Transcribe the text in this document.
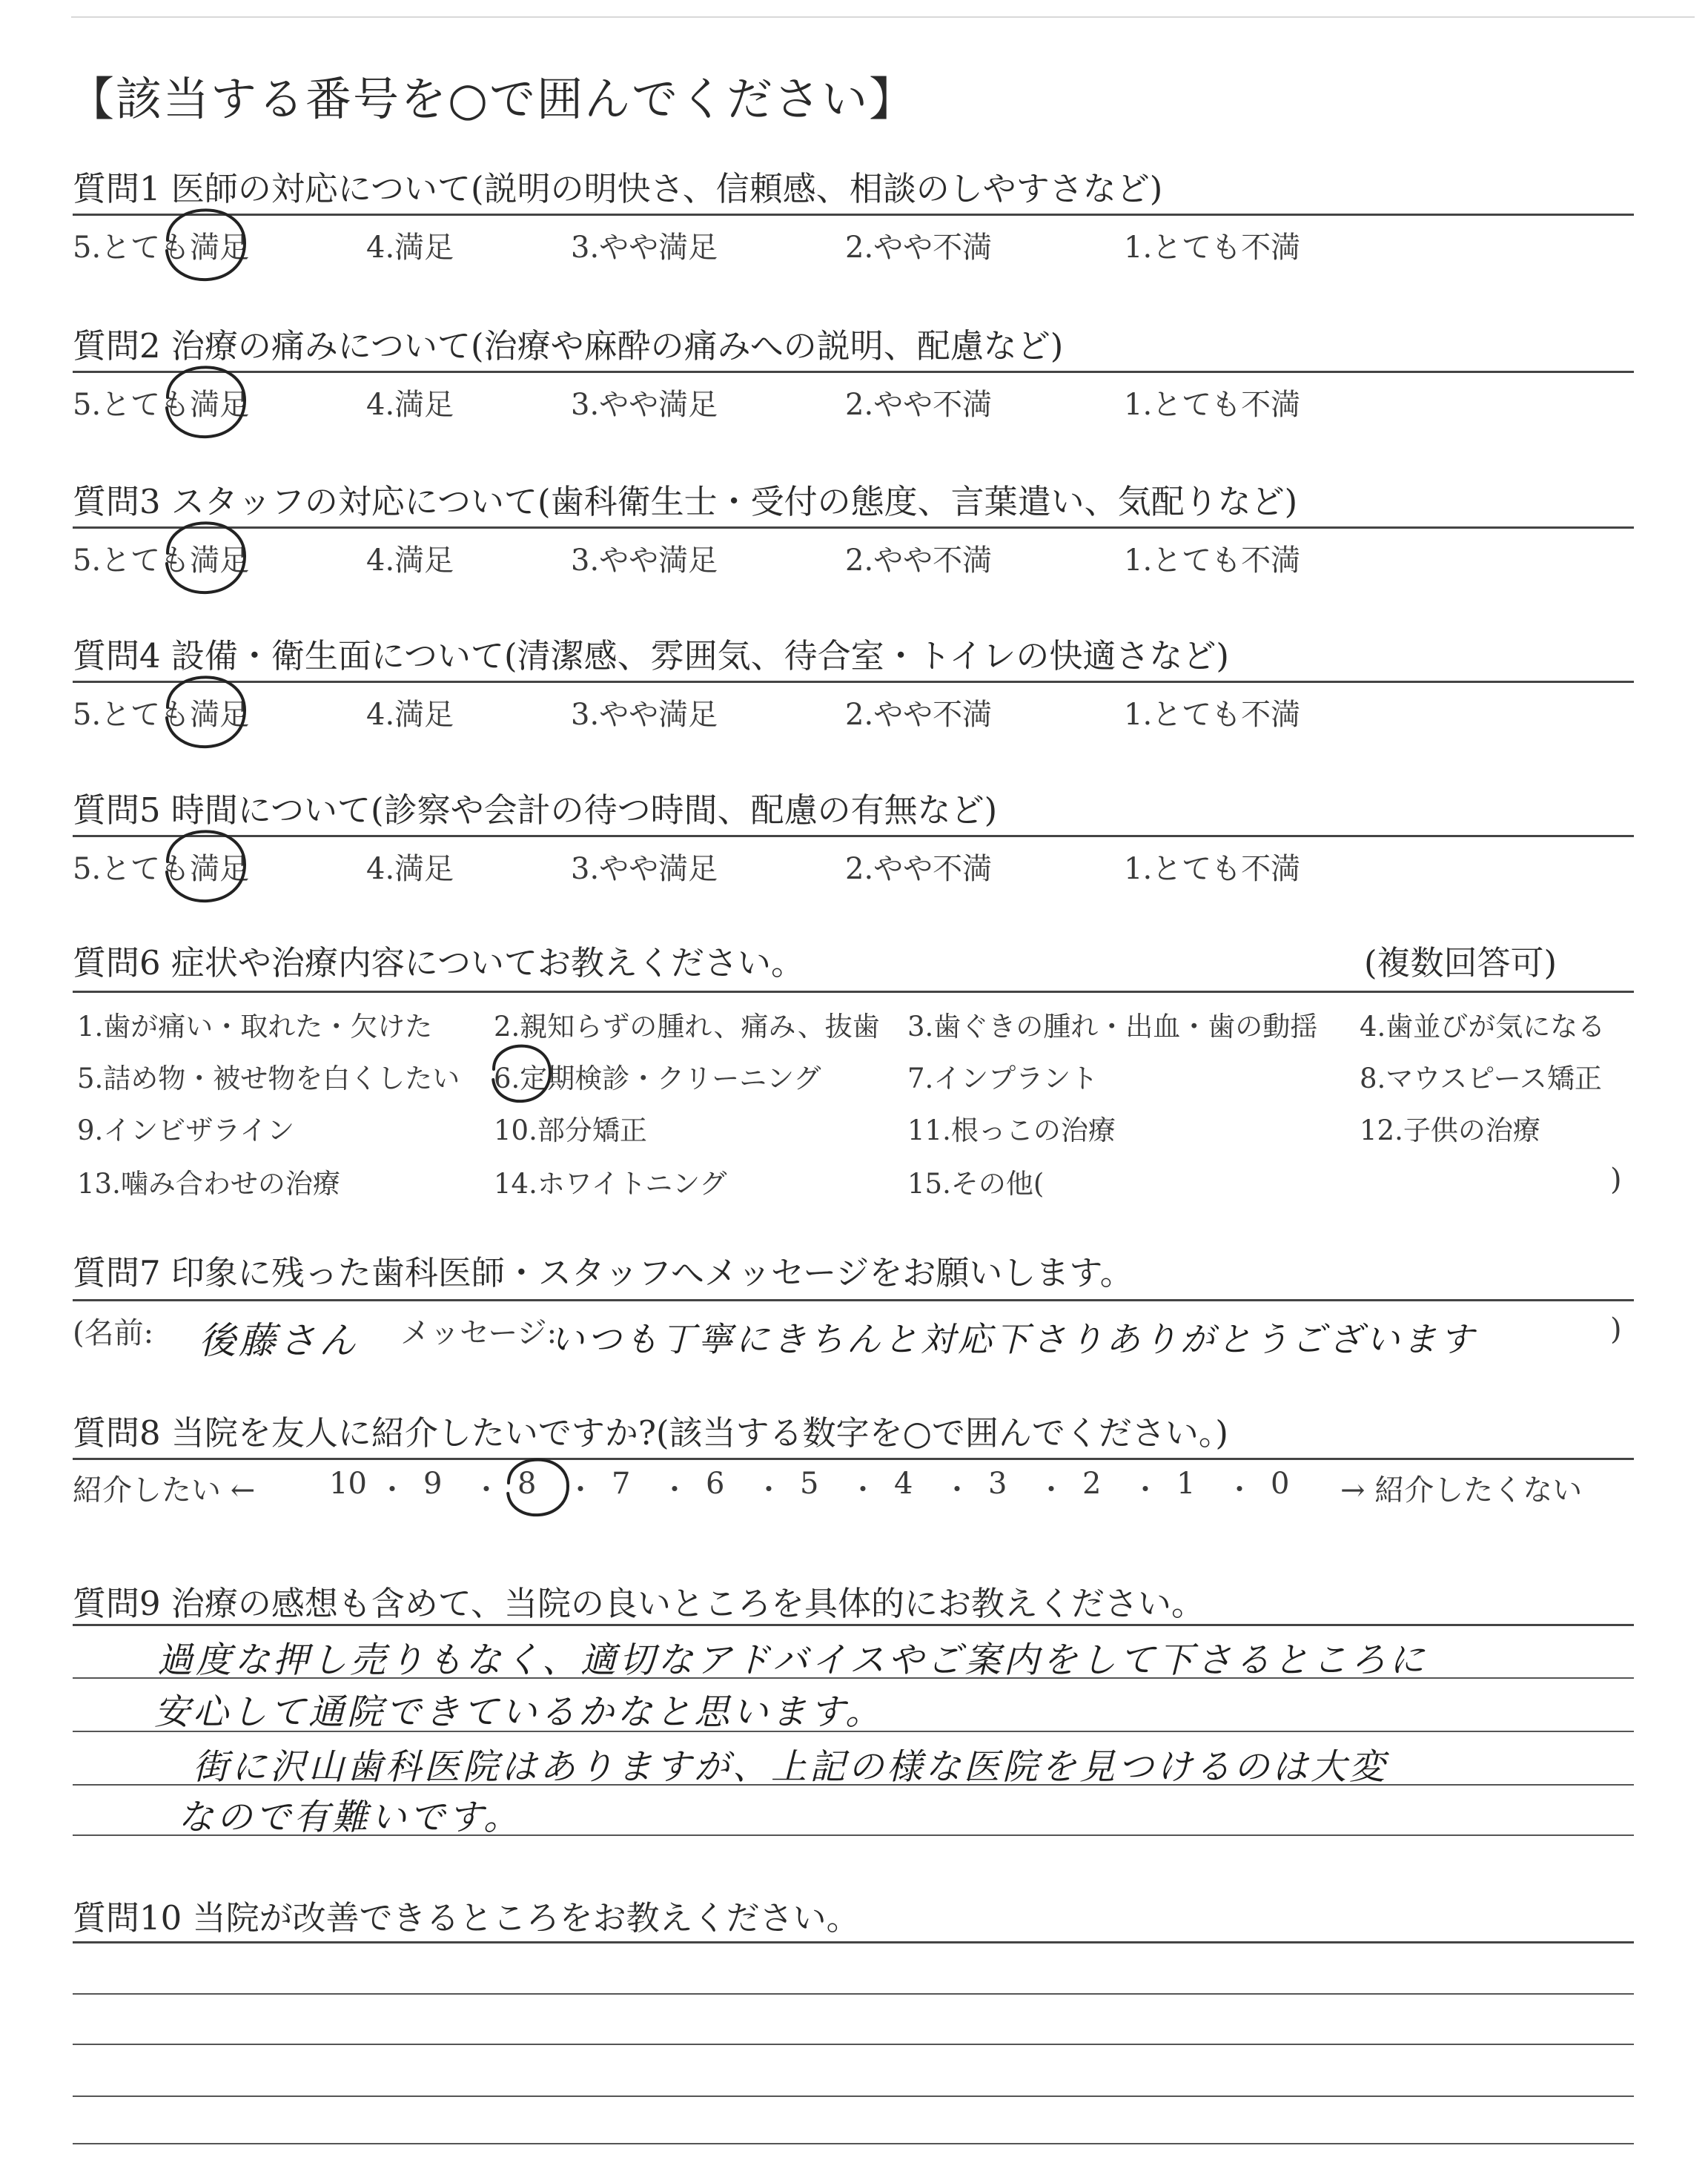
【該当する番号を○で囲んでください】
質問1 医師の対応について(説明の明快さ、信頼感、相談のしやすさなど)
5.とても満足	4.満足	3.やや満足	2.やや不満	1.とても不満
質問2 治療の痛みについて(治療や麻酔の痛みへの説明、配慮など)
5.とても満足	4.満足	3.やや満足	2.やや不満	1.とても不満
質問3 スタッフの対応について(歯科衛生士・受付の態度、言葉遣い、気配りなど)
5.とても満足	4.満足	3.やや満足	2.やや不満	1.とても不満
質問4 設備・衛生面について(清潔感、雰囲気、待合室・トイレの快適さなど)
5.とても満足	4.満足	3.やや満足	2.やや不満	1.とても不満
質問5 時間について(診察や会計の待つ時間、配慮の有無など)
5.とても満足	4.満足	3.やや満足	2.やや不満	1.とても不満
質問6 症状や治療内容についてお教えください。	(複数回答可)
1.歯が痛い・取れた・欠けた 2.親知らずの腫れ、痛み、抜歯 3.歯ぐきの腫れ・出血・歯の動揺 4.歯並びが気になる
5.詰め物・被せ物を白くしたい 6.定期検診・クリーニング	7.インプラント	8.マウスピース矯正
9.インビザライン	10.部分矯正	11.根っこの治療	12.子供の治療
13.噛み合わせの治療	14.ホワイトニング	15.その他(	)
質問7 印象に残った歯科医師・スタッフへメッセージをお願いします。
(名前: 後藤さん メッセージ:
いつも丁寧にきちんと対応下さりありがとうございます	)
質問8 当院を友人に紹介したいですか?(該当する数字を○で囲んでください。)
紹介したい ←	→ 紹介したくない
10 ・ 9 ・ 8 ・ 7 ・ 6 ・ 5 ・ 4 ・ 3 ・ 2 ・ 1 ・ 0
質問9 治療の感想も含めて、当院の良いところを具体的にお教えください。
過度な押し売りもなく、適切なアドバイスやご案内をして下さるところに
安心して通院できているかなと思います。
街に沢山歯科医院はありますが、上記の様な医院を見つけるのは大変
なので有難いです。
質問10 当院が改善できるところをお教えください。
